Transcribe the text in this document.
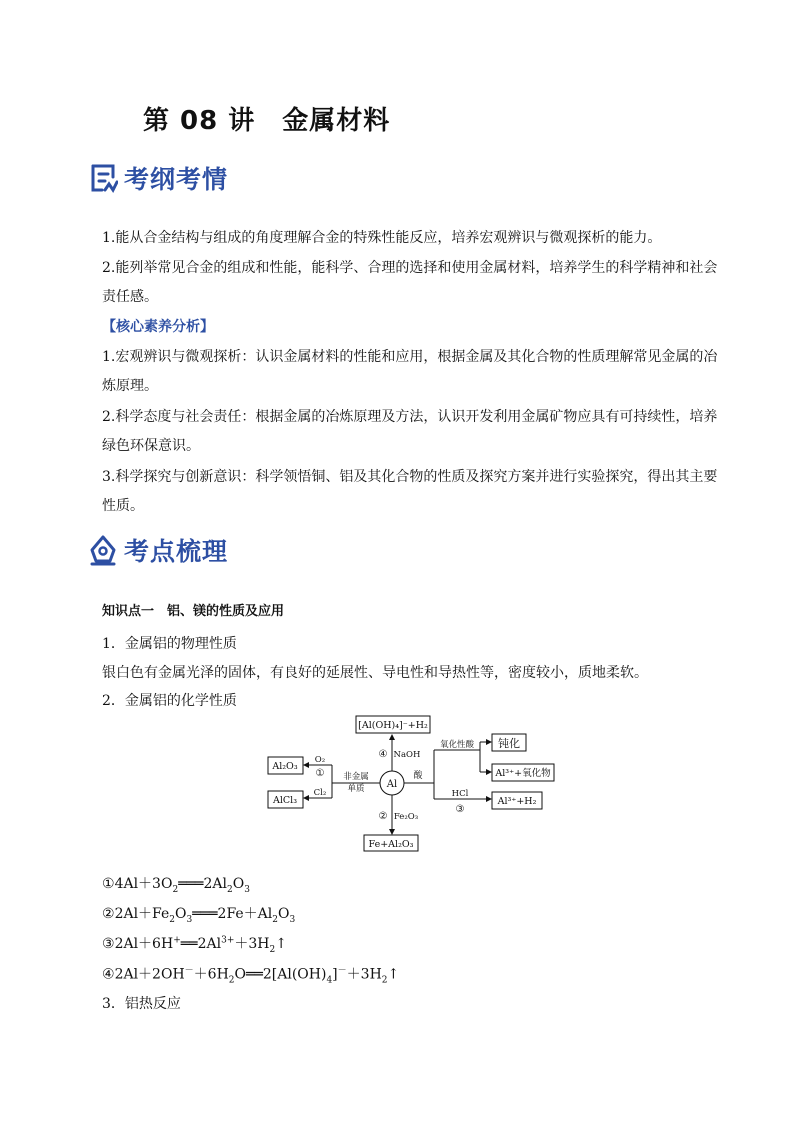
第 08 讲　金属材料
考纲考情

1.能从合金结构与组成的角度理解合金的特殊性能反应，培养宏观辨识与微观探析的能力。

2.能列举常见合金的组成和性能，能科学、合理的选择和使用金属材料，培养学生的科学精神和社会责任感。

【核心素养分析】

1.宏观辨识与微观探析：认识金属材料的性能和应用，根据金属及其化合物的性质理解常见金属的冶炼原理。

2.科学态度与社会责任：根据金属的冶炼原理及方法，认识开发利用金属矿物应具有可持续性，培养绿色环保意识。

3.科学探究与创新意识：科学领悟铜、铝及其化合物的性质及探究方案并进行实验探究，得出其主要性质。

考点梳理
知识点一　铝、镁的性质及应用
1．金属铝的物理性质
银白色有金属光泽的固体，有良好的延展性、导电性和导热性等，密度较小，质地柔软。
2．金属铝的化学性质
Al
[Al(OH)₄]⁻+H₂
④ NaOH
② Fe₂O₃
Fe+Al₂O₃
O₂
①
Cl₂
非金属
单质
Al₂O₃
AlCl₃
酸
氧化性酸 钝化
Al³⁺+氧化物
HCl
③
Al³⁺+H₂
$①4Al+3O_2═══2Al_2O_3$
$②2Al+Fe_2O_3═══2Fe+Al_2O_3$
$③2Al+6H^+══2Al^{3+}+3H_2↑$
$④2Al+2OH^-+6H_2O══2[Al(OH)_4]^-+3H_2↑$
3．铝热反应
